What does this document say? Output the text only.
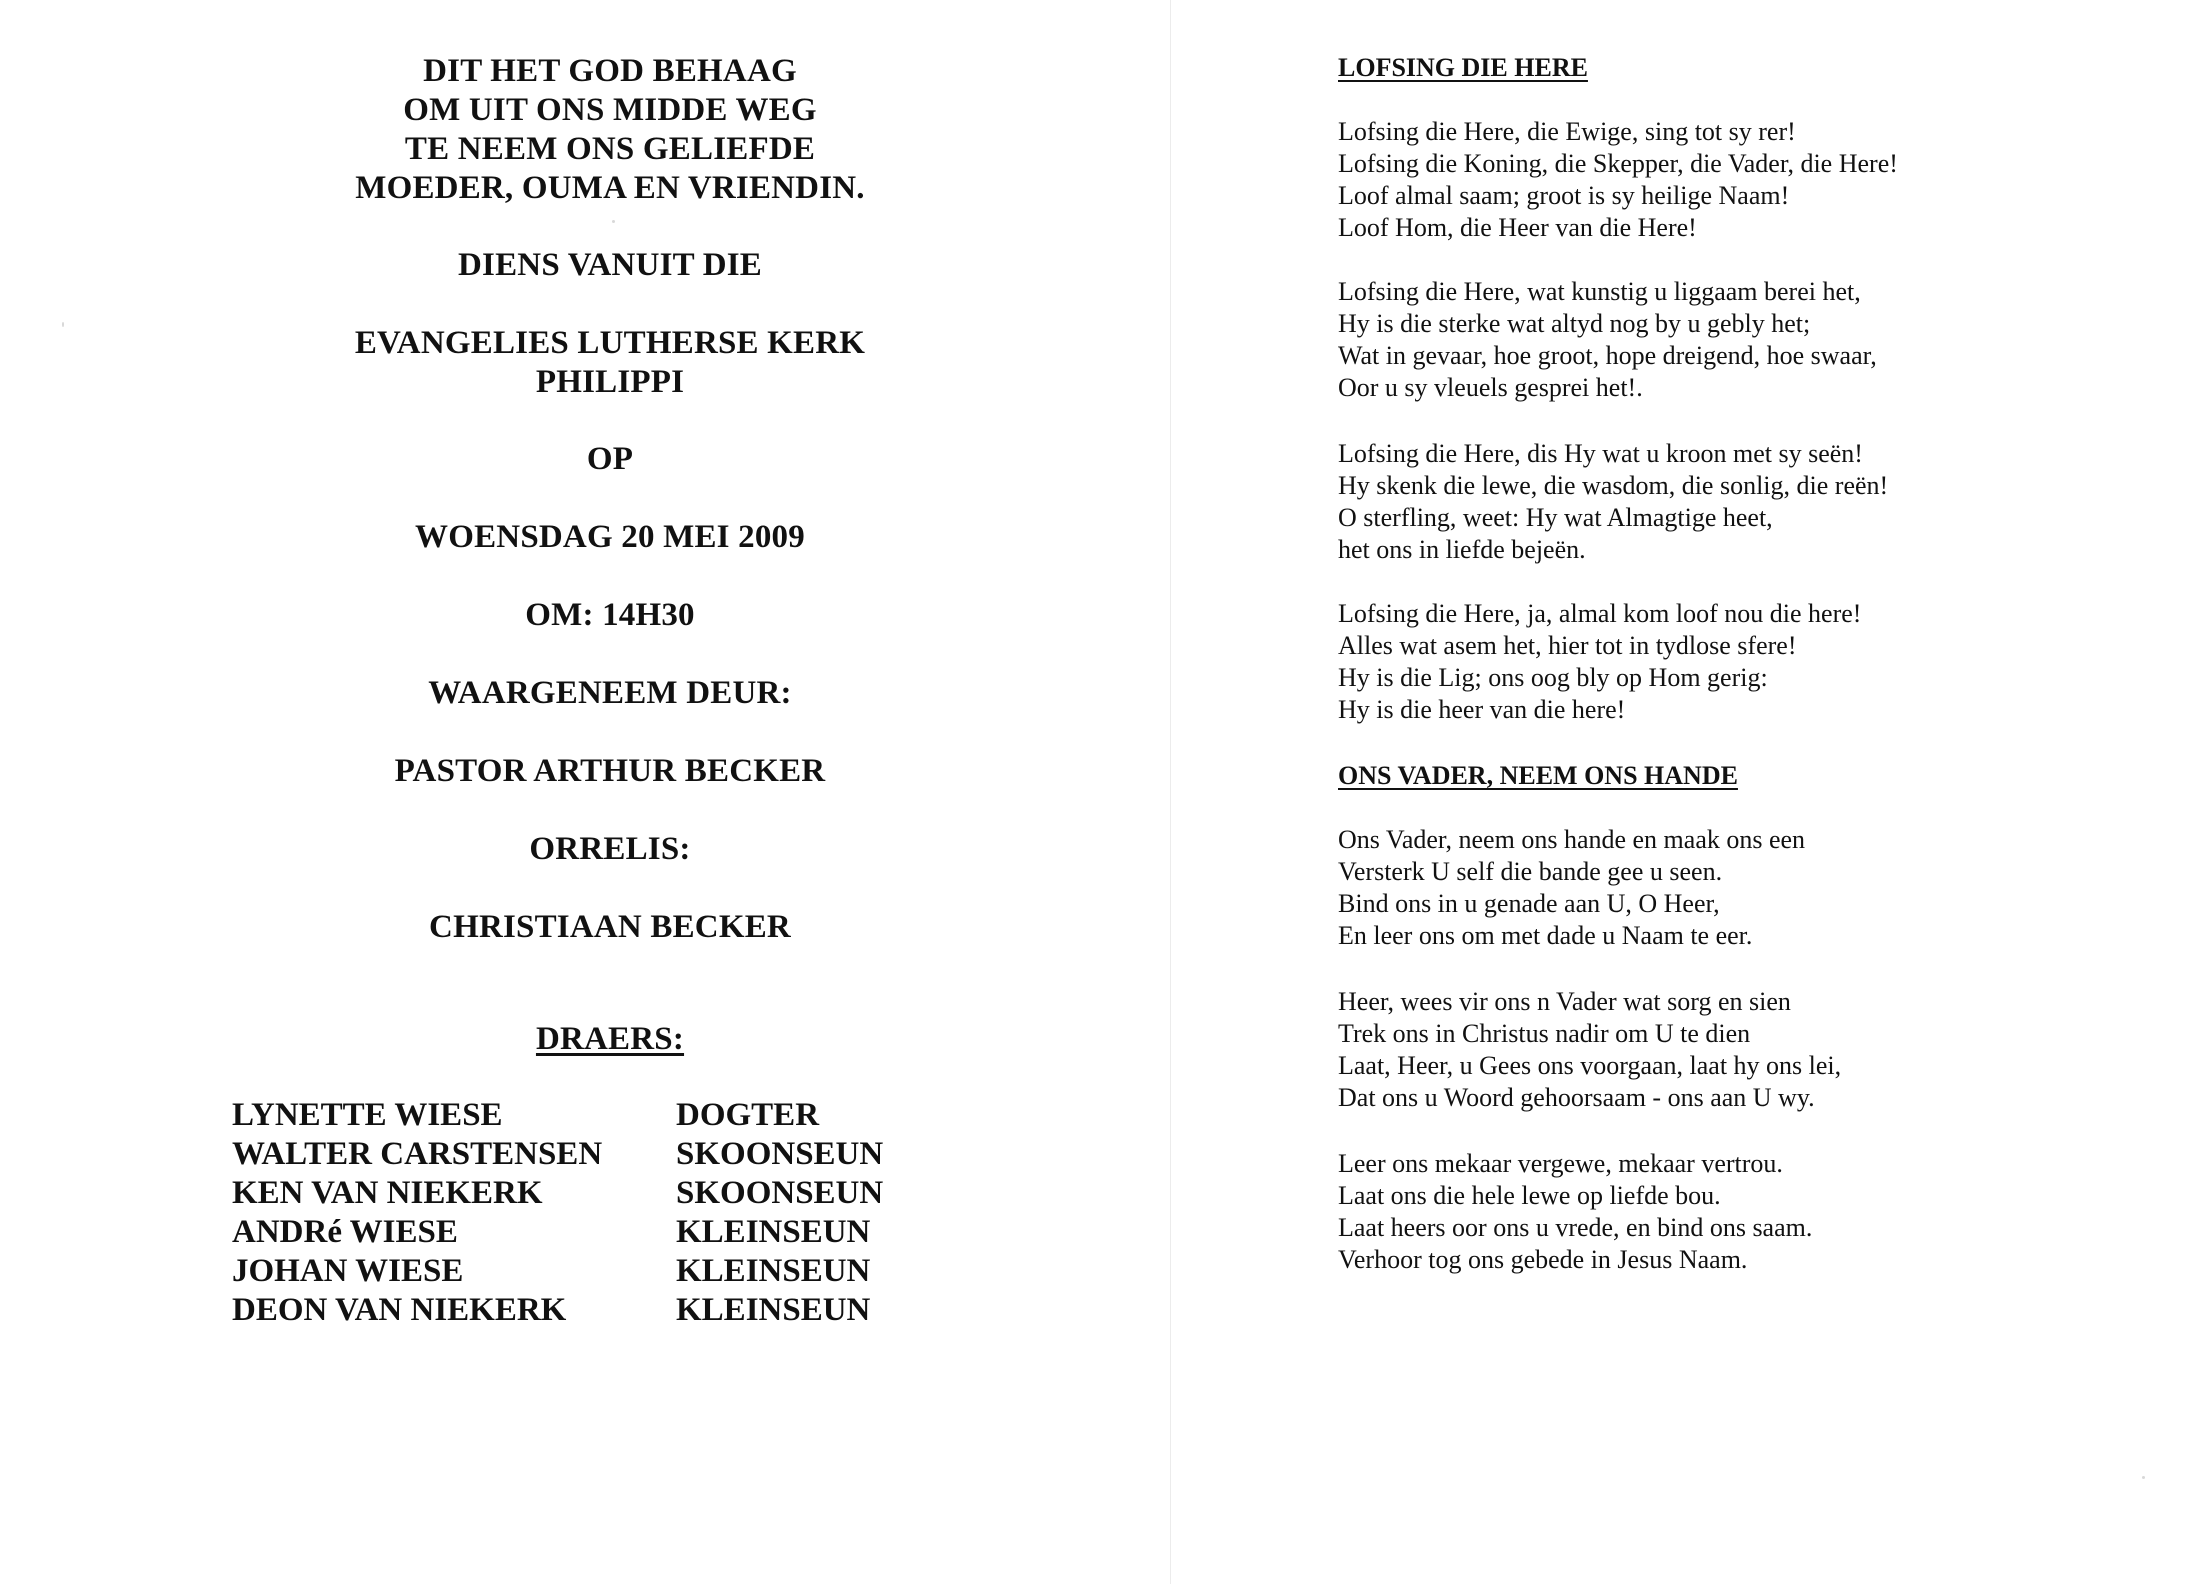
DIT HET GOD BEHAAG
OM UIT ONS MIDDE WEG
TE NEEM ONS GELIEFDE
MOEDER, OUMA EN VRIENDIN.
DIENS VANUIT DIE
EVANGELIES LUTHERSE KERK
PHILIPPI
OP
WOENSDAG 20 MEI 2009
OM: 14H30
WAARGENEEM DEUR:
PASTOR ARTHUR BECKER
ORRELIS:
CHRISTIAAN BECKER
DRAERS:
LYNETTE WIESE	DOGTER
WALTER CARSTENSEN	SKOONSEUN
KEN VAN NIEKERK	SKOONSEUN
ANDRé WIESE	KLEINSEUN
JOHAN WIESE	KLEINSEUN
DEON VAN NIEKERK	KLEINSEUN
LOFSING DIE HERE
Lofsing die Here, die Ewige, sing tot sy rer!
Lofsing die Koning, die Skepper, die Vader, die Here!
Loof almal saam; groot is sy heilige Naam!
Loof Hom, die Heer van die Here!
Lofsing die Here, wat kunstig u liggaam berei het,
Hy is die sterke wat altyd nog by u gebly het;
Wat in gevaar, hoe groot, hope dreigend, hoe swaar,
Oor u sy vleuels gesprei het!.
Lofsing die Here, dis Hy wat u kroon met sy seën!
Hy skenk die lewe, die wasdom, die sonlig, die reën!
O sterfling, weet: Hy wat Almagtige heet,
het ons in liefde bejeën.
Lofsing die Here, ja, almal kom loof nou die here!
Alles wat asem het, hier tot in tydlose sfere!
Hy is die Lig; ons oog bly op Hom gerig:
Hy is die heer van die here!
ONS VADER, NEEM ONS HANDE
Ons Vader, neem ons hande en maak ons een
Versterk U self die bande gee u seen.
Bind ons in u genade aan U, O Heer,
En leer ons om met dade u Naam te eer.
Heer, wees vir ons n Vader wat sorg en sien
Trek ons in Christus nadir om U te dien
Laat, Heer, u Gees ons voorgaan, laat hy ons lei,
Dat ons u Woord gehoorsaam - ons aan U wy.
Leer ons mekaar vergewe, mekaar vertrou.
Laat ons die hele lewe op liefde bou.
Laat heers oor ons u vrede, en bind ons saam.
Verhoor tog ons gebede in Jesus Naam.
